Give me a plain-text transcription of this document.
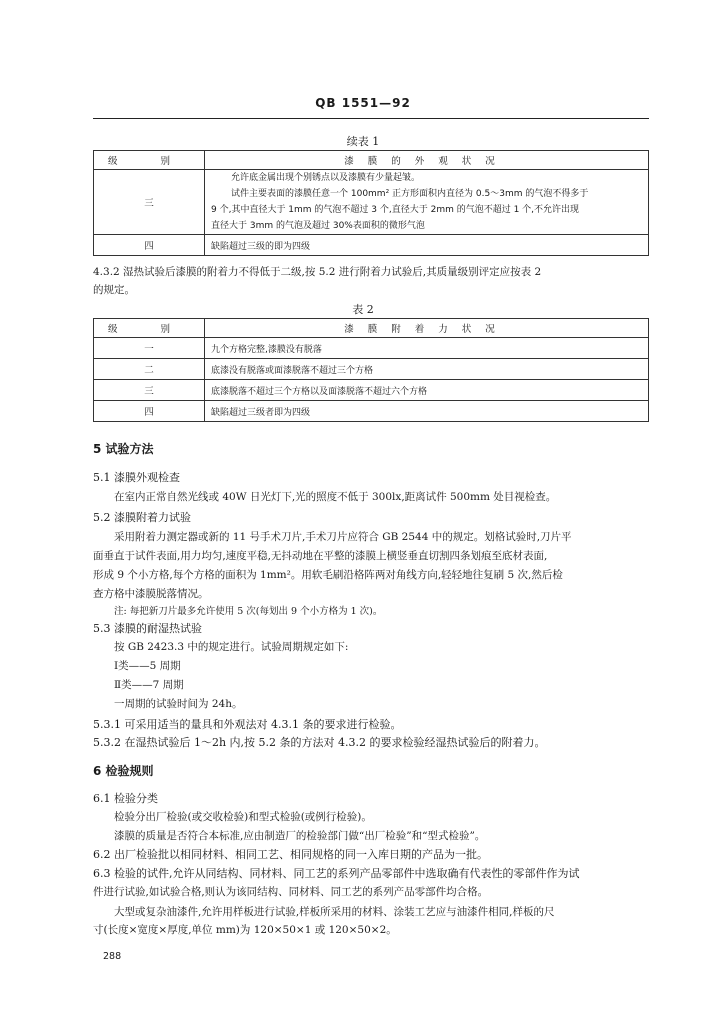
QB 1551—92
续表 1
级 别	漆膜的外观状况
三	允许底金属出现个别锈点以及漆膜有少量起皱。
试件主要表面的漆膜任意一个 100mm² 正方形面积内直径为 0.5～3mm 的气泡不得多于
9 个,其中直径大于 1mm 的气泡不超过 3 个,直径大于 2mm 的气泡不超过 1 个,不允许出现
直径大于 3mm 的气泡及超过 30%表面积的微形气泡

四	缺陷超过三级的即为四级
4.3.2 湿热试验后漆膜的附着力不得低于二级,按 5.2 进行附着力试验后,其质量级别评定应按表 2
的规定。
表 2
级 别	漆膜附着力状况
一	九个方格完整,漆膜没有脱落
二	底漆没有脱落或面漆脱落不超过三个方格
三	底漆脱落不超过三个方格以及面漆脱落不超过六个方格
四	缺陷超过三级者即为四级
5 试验方法
5.1 漆膜外观检查
在室内正常自然光线或 40W 日光灯下,光的照度不低于 300lx,距离试件 500mm 处目视检查。
5.2 漆膜附着力试验
采用附着力测定器或新的 11 号手术刀片,手术刀片应符合 GB 2544 中的规定。划格试验时,刀片平
面垂直于试件表面,用力均匀,速度平稳,无抖动地在平整的漆膜上横竖垂直切割四条划痕至底材表面,
形成 9 个小方格,每个方格的面积为 1mm²。用软毛刷沿格阵两对角线方向,轻轻地往复刷 5 次,然后检
查方格中漆膜脱落情况。
注: 每把新刀片最多允许使用 5 次(每划出 9 个小方格为 1 次)。
5.3 漆膜的耐湿热试验
按 GB 2423.3 中的规定进行。试验周期规定如下:
Ⅰ类——5 周期
Ⅱ类——7 周期
一周期的试验时间为 24h。
5.3.1 可采用适当的量具和外观法对 4.3.1 条的要求进行检验。
5.3.2 在湿热试验后 1～2h 内,按 5.2 条的方法对 4.3.2 的要求检验经湿热试验后的附着力。
6 检验规则
6.1 检验分类
检验分出厂检验(或交收检验)和型式检验(或例行检验)。
漆膜的质量是否符合本标准,应由制造厂的检验部门做“出厂检验”和“型式检验”。
6.2 出厂检验批以相同材料、相同工艺、相同规格的同一入库日期的产品为一批。
6.3 检验的试件,允许从同结构、同材料、同工艺的系列产品零部件中选取确有代表性的零部件作为试
件进行试验,如试验合格,则认为该同结构、同材料、同工艺的系列产品零部件均合格。
大型或复杂油漆件,允许用样板进行试验,样板所采用的材料、涂装工艺应与油漆件相同,样板的尺
寸(长度×宽度×厚度,单位 mm)为 120×50×1 或 120×50×2。
288
